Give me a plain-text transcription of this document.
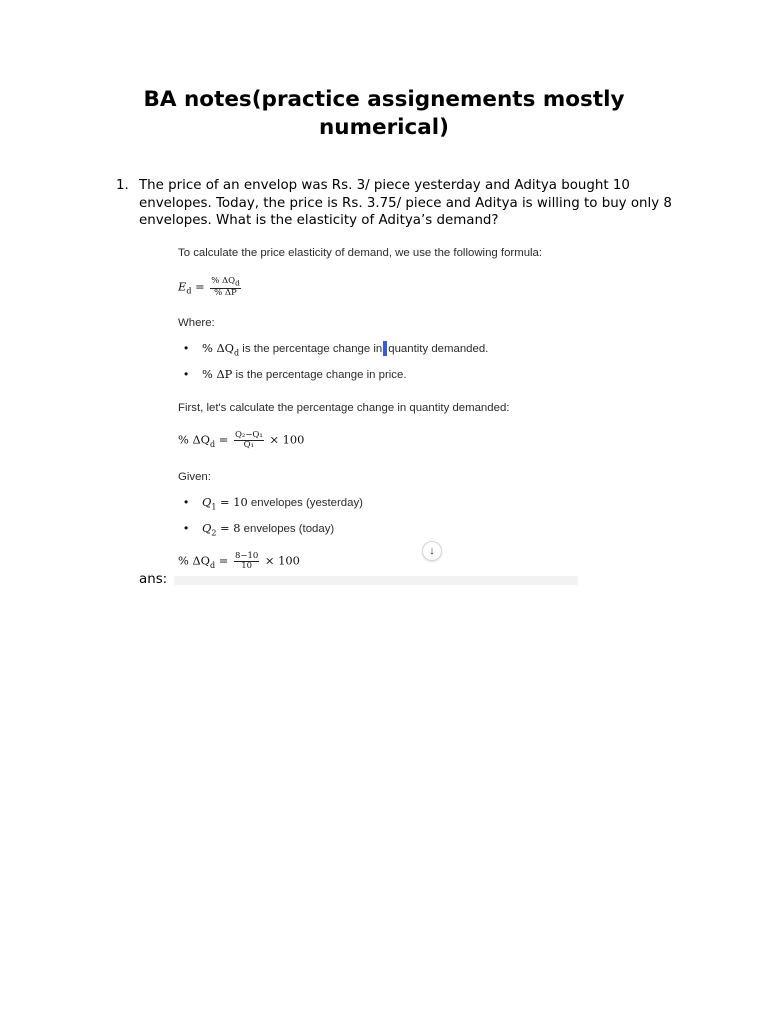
BA notes(practice assignements mostly numerical)
1. The price of an envelop was Rs. 3/ piece yesterday and Aditya bought 10 envelopes. Today, the price is Rs. 3.75/ piece and Aditya is willing to buy only 8 envelopes. What is the elasticity of Aditya’s demand?
To calculate the price elasticity of demand, we use the following formula:
$E_d = \frac{\% \Delta Q_d}{\% \Delta P}$
Where:
• % $\Delta Q_d$ is the percentage change in quantity demanded.
• % ΔP is the percentage change in price.
First, let's calculate the percentage change in quantity demanded:
% $\Delta Q_d = \frac{\text{Q₂−Q₁}}{\text{Q₁}} \times 100$
Given:
• $Q_1 = 10$ envelopes (yesterday)
• $Q_2 = 8$ envelopes (today)
↓
% $\Delta Q_d = \frac{8-10}{10} \times 100$
ans:
